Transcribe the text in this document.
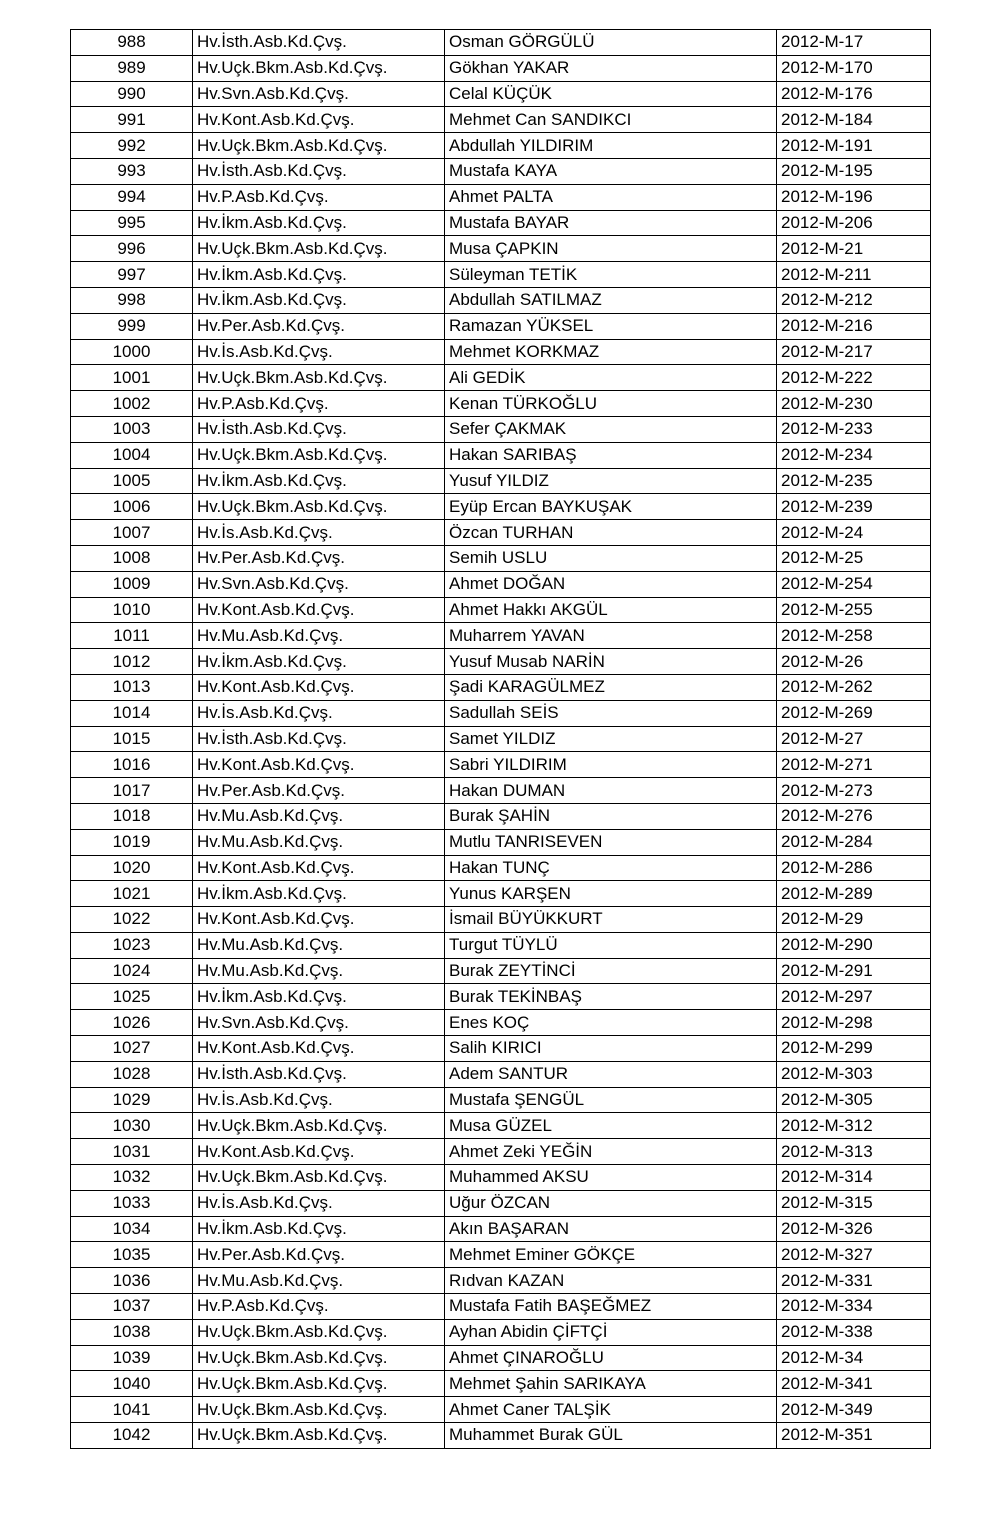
988	Hv.İsth.Asb.Kd.Çvş.	Osman GÖRGÜLÜ	2012-M-17
989	Hv.Uçk.Bkm.Asb.Kd.Çvş.	Gökhan YAKAR	2012-M-170
990	Hv.Svn.Asb.Kd.Çvş.	Celal KÜÇÜK	2012-M-176
991	Hv.Kont.Asb.Kd.Çvş.	Mehmet Can SANDIKCI	2012-M-184
992	Hv.Uçk.Bkm.Asb.Kd.Çvş.	Abdullah YILDIRIM	2012-M-191
993	Hv.İsth.Asb.Kd.Çvş.	Mustafa KAYA	2012-M-195
994	Hv.P.Asb.Kd.Çvş.	Ahmet PALTA	2012-M-196
995	Hv.İkm.Asb.Kd.Çvş.	Mustafa BAYAR	2012-M-206
996	Hv.Uçk.Bkm.Asb.Kd.Çvş.	Musa ÇAPKIN	2012-M-21
997	Hv.İkm.Asb.Kd.Çvş.	Süleyman TETİK	2012-M-211
998	Hv.İkm.Asb.Kd.Çvş.	Abdullah SATILMAZ	2012-M-212
999	Hv.Per.Asb.Kd.Çvş.	Ramazan YÜKSEL	2012-M-216
1000	Hv.İs.Asb.Kd.Çvş.	Mehmet KORKMAZ	2012-M-217
1001	Hv.Uçk.Bkm.Asb.Kd.Çvş.	Ali GEDİK	2012-M-222
1002	Hv.P.Asb.Kd.Çvş.	Kenan TÜRKOĞLU	2012-M-230
1003	Hv.İsth.Asb.Kd.Çvş.	Sefer ÇAKMAK	2012-M-233
1004	Hv.Uçk.Bkm.Asb.Kd.Çvş.	Hakan SARIBAŞ	2012-M-234
1005	Hv.İkm.Asb.Kd.Çvş.	Yusuf YILDIZ	2012-M-235
1006	Hv.Uçk.Bkm.Asb.Kd.Çvş.	Eyüp Ercan BAYKUŞAK	2012-M-239
1007	Hv.İs.Asb.Kd.Çvş.	Özcan TURHAN	2012-M-24
1008	Hv.Per.Asb.Kd.Çvş.	Semih USLU	2012-M-25
1009	Hv.Svn.Asb.Kd.Çvş.	Ahmet DOĞAN	2012-M-254
1010	Hv.Kont.Asb.Kd.Çvş.	Ahmet Hakkı AKGÜL	2012-M-255
1011	Hv.Mu.Asb.Kd.Çvş.	Muharrem YAVAN	2012-M-258
1012	Hv.İkm.Asb.Kd.Çvş.	Yusuf Musab NARİN	2012-M-26
1013	Hv.Kont.Asb.Kd.Çvş.	Şadi KARAGÜLMEZ	2012-M-262
1014	Hv.İs.Asb.Kd.Çvş.	Sadullah SEİS	2012-M-269
1015	Hv.İsth.Asb.Kd.Çvş.	Samet YILDIZ	2012-M-27
1016	Hv.Kont.Asb.Kd.Çvş.	Sabri YILDIRIM	2012-M-271
1017	Hv.Per.Asb.Kd.Çvş.	Hakan DUMAN	2012-M-273
1018	Hv.Mu.Asb.Kd.Çvş.	Burak ŞAHİN	2012-M-276
1019	Hv.Mu.Asb.Kd.Çvş.	Mutlu TANRISEVEN	2012-M-284
1020	Hv.Kont.Asb.Kd.Çvş.	Hakan TUNÇ	2012-M-286
1021	Hv.İkm.Asb.Kd.Çvş.	Yunus KARŞEN	2012-M-289
1022	Hv.Kont.Asb.Kd.Çvş.	İsmail BÜYÜKKURT	2012-M-29
1023	Hv.Mu.Asb.Kd.Çvş.	Turgut TÜYLÜ	2012-M-290
1024	Hv.Mu.Asb.Kd.Çvş.	Burak ZEYTİNCİ	2012-M-291
1025	Hv.İkm.Asb.Kd.Çvş.	Burak TEKİNBAŞ	2012-M-297
1026	Hv.Svn.Asb.Kd.Çvş.	Enes KOÇ	2012-M-298
1027	Hv.Kont.Asb.Kd.Çvş.	Salih KIRICI	2012-M-299
1028	Hv.İsth.Asb.Kd.Çvş.	Adem SANTUR	2012-M-303
1029	Hv.İs.Asb.Kd.Çvş.	Mustafa ŞENGÜL	2012-M-305
1030	Hv.Uçk.Bkm.Asb.Kd.Çvş.	Musa GÜZEL	2012-M-312
1031	Hv.Kont.Asb.Kd.Çvş.	Ahmet Zeki YEĞİN	2012-M-313
1032	Hv.Uçk.Bkm.Asb.Kd.Çvş.	Muhammed AKSU	2012-M-314
1033	Hv.İs.Asb.Kd.Çvş.	Uğur ÖZCAN	2012-M-315
1034	Hv.İkm.Asb.Kd.Çvş.	Akın BAŞARAN	2012-M-326
1035	Hv.Per.Asb.Kd.Çvş.	Mehmet Eminer GÖKÇE	2012-M-327
1036	Hv.Mu.Asb.Kd.Çvş.	Rıdvan KAZAN	2012-M-331
1037	Hv.P.Asb.Kd.Çvş.	Mustafa Fatih BAŞEĞMEZ	2012-M-334
1038	Hv.Uçk.Bkm.Asb.Kd.Çvş.	Ayhan Abidin ÇİFTÇİ	2012-M-338
1039	Hv.Uçk.Bkm.Asb.Kd.Çvş.	Ahmet ÇINAROĞLU	2012-M-34
1040	Hv.Uçk.Bkm.Asb.Kd.Çvş.	Mehmet Şahin SARIKAYA	2012-M-341
1041	Hv.Uçk.Bkm.Asb.Kd.Çvş.	Ahmet Caner TALŞİK	2012-M-349
1042	Hv.Uçk.Bkm.Asb.Kd.Çvş.	Muhammet Burak GÜL	2012-M-351
